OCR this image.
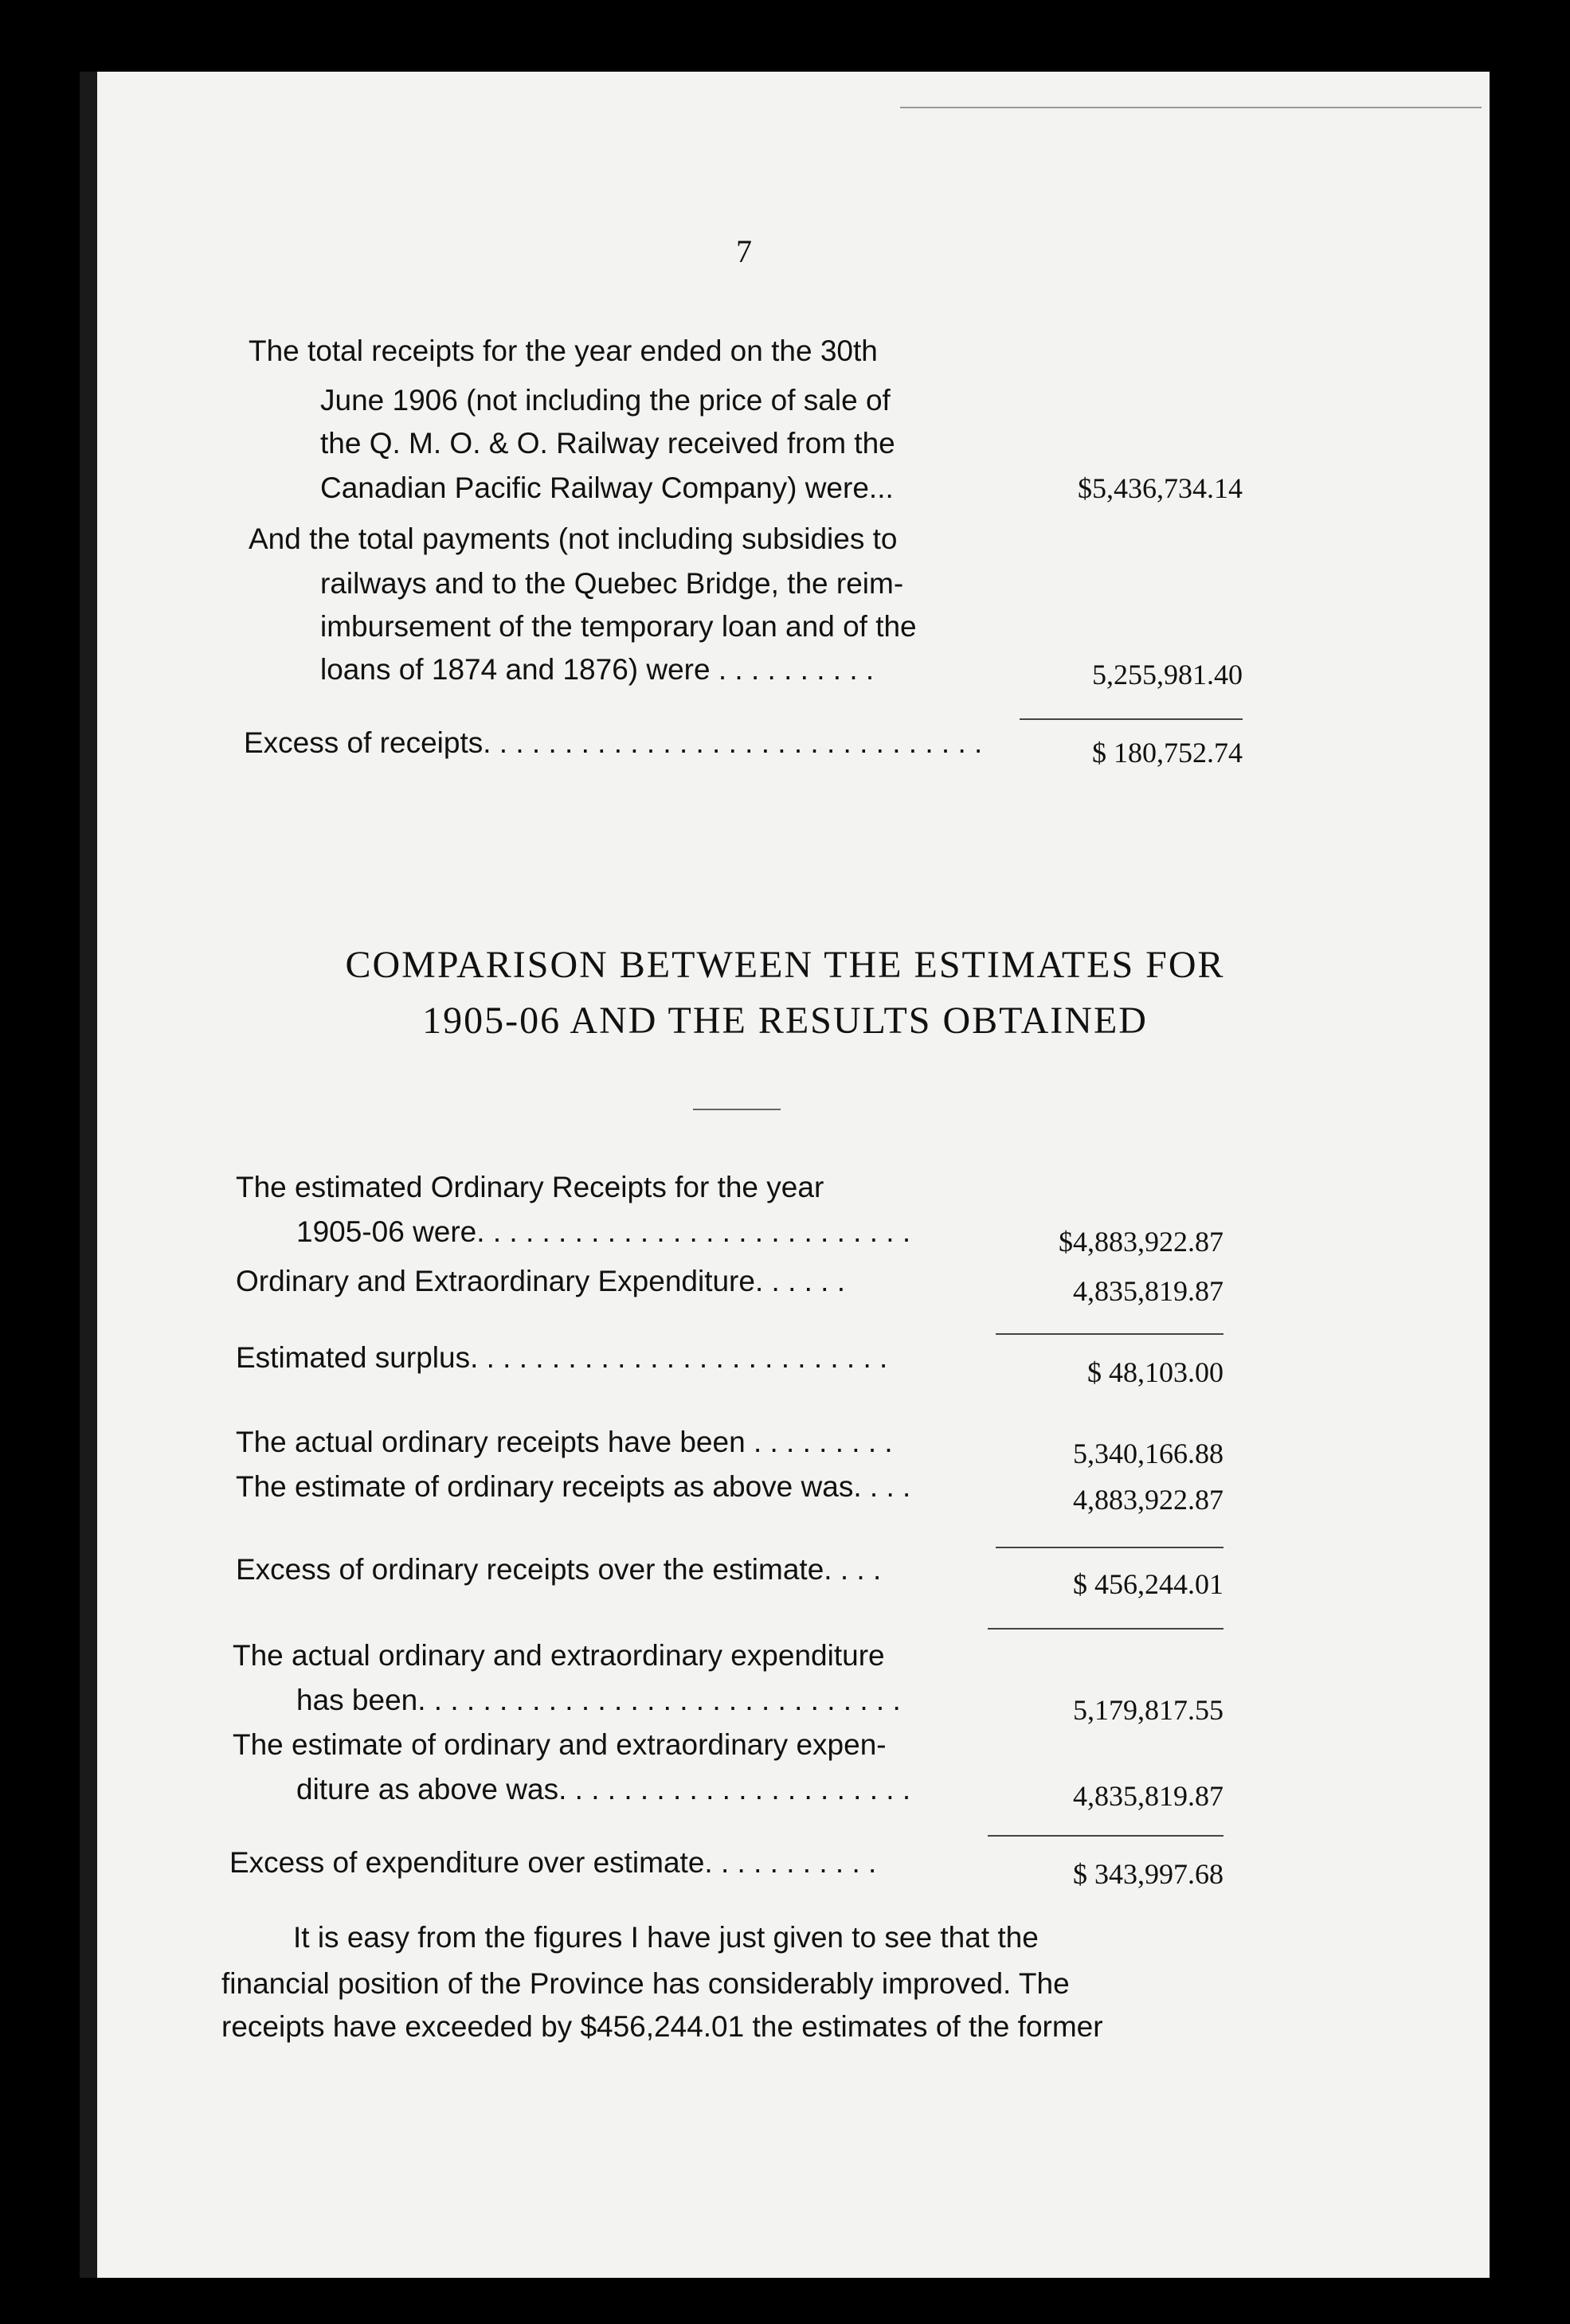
7
The total receipts for the year ended on the 30th
June 1906 (not including the price of sale of
the Q. M. O. & O. Railway received from the
Canadian Pacific Railway Company) were...	$5,436,734.14
And the total payments (not including subsidies to
railways and to the Quebec Bridge, the reim-
imbursement of the temporary loan and of the
loans of 1874 and 1876) were . . . . . . . . . .	5,255,981.40
Excess of receipts. . . . . . . . . . . . . . . . . . . . . . . . . . . . . . .	$ 180,752.74
COMPARISON BETWEEN THE ESTIMATES FOR
1905-06 AND THE RESULTS OBTAINED
The estimated Ordinary Receipts for the year
1905-06 were. . . . . . . . . . . . . . . . . . . . . . . . . . .	$4,883,922.87
Ordinary and Extraordinary Expenditure. . . . . .	4,835,819.87
Estimated surplus. . . . . . . . . . . . . . . . . . . . . . . . . .	$ 48,103.00
The actual ordinary receipts have been . . . . . . . . .	5,340,166.88
The estimate of ordinary receipts as above was. . . .	4,883,922.87
Excess of ordinary receipts over the estimate. . . .	$ 456,244.01
The actual ordinary and extraordinary expenditure
has been. . . . . . . . . . . . . . . . . . . . . . . . . . . . . .	5,179,817.55
The estimate of ordinary and extraordinary expen-
diture as above was. . . . . . . . . . . . . . . . . . . . . .	4,835,819.87
Excess of expenditure over estimate. . . . . . . . . . .	$ 343,997.68
It is easy from the figures I have just given to see that the
financial position of the Province has considerably improved. The
receipts have exceeded by $456,244.01 the estimates of the former
